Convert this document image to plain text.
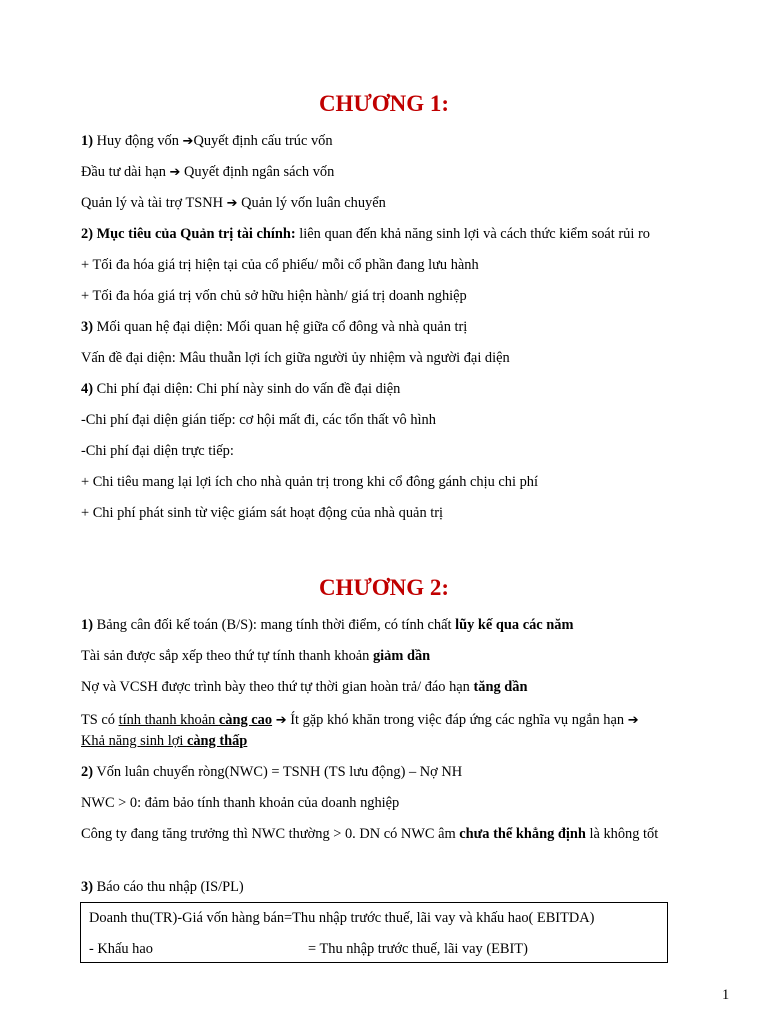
CHƯƠNG 1:
1) Huy động vốn ➔Quyết định cấu trúc vốn
Đầu tư dài hạn ➔ Quyết định ngân sách vốn
Quản lý và tài trợ TSNH ➔ Quản lý vốn luân chuyển
2) Mục tiêu của Quản trị tài chính: liên quan đến khả năng sinh lợi và cách thức kiểm soát rủi ro
+ Tối đa hóa giá trị hiện tại của cổ phiếu/ mỗi cổ phần đang lưu hành
+ Tối đa hóa giá trị vốn chủ sở hữu hiện hành/ giá trị doanh nghiệp
3) Mối quan hệ đại diện: Mối quan hệ giữa cổ đông và nhà quản trị
Vấn đề đại diện: Mâu thuẫn lợi ích giữa người ủy nhiệm và người đại diện
4) Chi phí đại diện: Chi phí này sinh do vấn đề đại diện
-Chi phí đại diện gián tiếp: cơ hội mất đi, các tổn thất vô hình
-Chi phí đại diện trực tiếp:
+ Chi tiêu mang lại lợi ích cho nhà quản trị trong khi cổ đông gánh chịu chi phí
+ Chi phí phát sinh từ việc giám sát hoạt động của nhà quản trị
CHƯƠNG 2:
1) Bảng cân đối kế toán (B/S): mang tính thời điểm, có tính chất lũy kế qua các năm
Tài sản được sắp xếp theo thứ tự tính thanh khoản giảm dần
Nợ và VCSH được trình bày theo thứ tự thời gian hoàn trả/ đáo hạn tăng dần
TS có tính thanh khoản càng cao ➔ Ít gặp khó khăn trong việc đáp ứng các nghĩa vụ ngắn hạn ➔
Khả năng sinh lợi càng thấp
2) Vốn luân chuyển ròng(NWC) = TSNH (TS lưu động) – Nợ NH
NWC > 0: đảm bảo tính thanh khoản của doanh nghiệp
Công ty đang tăng trưởng thì NWC thường > 0. DN có NWC âm chưa thể khẳng định là không tốt
3) Báo cáo thu nhập (IS/PL)
Doanh thu(TR)-Giá vốn hàng bán=Thu nhập trước thuế, lãi vay và khấu hao( EBITDA)
- Khấu hao	= Thu nhập trước thuế, lãi vay (EBIT)
1
